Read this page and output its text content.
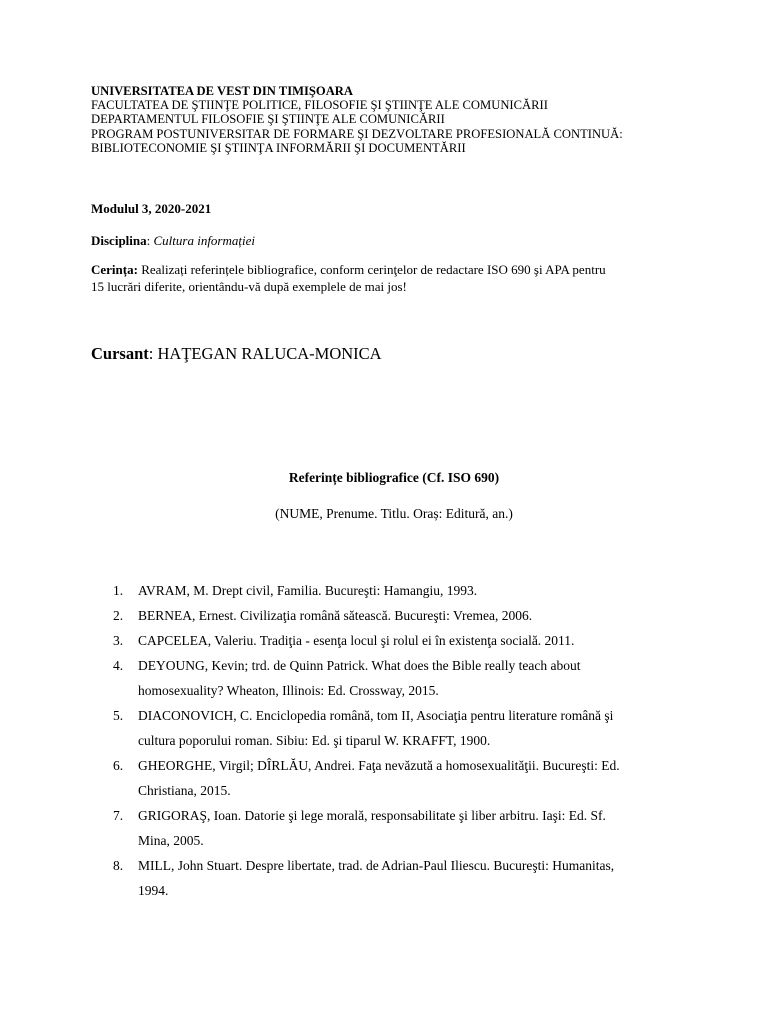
UNIVERSITATEA DE VEST DIN TIMIŞOARA
FACULTATEA DE ŞTIINŢE POLITICE, FILOSOFIE ŞI ŞTIINŢE ALE COMUNICĂRII
DEPARTAMENTUL FILOSOFIE ŞI ŞTIINŢE ALE COMUNICĂRII
PROGRAM POSTUNIVERSITAR DE FORMARE ŞI DEZVOLTARE PROFESIONALĂ CONTINUĂ:
BIBLIOTECONOMIE ŞI ŞTIINŢA INFORMĂRII ŞI DOCUMENTĂRII
Modulul 3, 2020-2021
Disciplina: Cultura informației
Cerința: Realizați referințele bibliografice, conform cerinţelor de redactare ISO 690 şi APA pentru
15 lucrări diferite, orientându-vă după exemplele de mai jos!
Cursant: HAŢEGAN RALUCA-MONICA
Referințe bibliografice (Cf. ISO 690)
(NUME, Prenume. Titlu. Oraș: Editură, an.)
1. AVRAM, M. Drept civil, Familia. Bucureşti: Hamangiu, 1993.
2. BERNEA, Ernest. Civilizaţia română sătească. Bucureşti: Vremea, 2006.
3. CAPCELEA, Valeriu. Tradiţia - esenţa locul şi rolul ei în existenţa socială. 2011.
4. DEYOUNG, Kevin; trd. de Quinn Patrick. What does the Bible really teach about
homosexuality? Wheaton, Illinois: Ed. Crossway, 2015.
5. DIACONOVICH, C. Enciclopedia română, tom II, Asociaţia pentru literature română şi
cultura poporului roman. Sibiu: Ed. şi tiparul W. KRAFFT, 1900.
6. GHEORGHE, Virgil; DÎRLĂU, Andrei. Faţa nevăzută a homosexualităţii. Bucureşti: Ed.
Christiana, 2015.
7. GRIGORAŞ, Ioan. Datorie şi lege morală, responsabilitate şi liber arbitru. Iaşi: Ed. Sf.
Mina, 2005.
8. MILL, John Stuart. Despre libertate, trad. de Adrian-Paul Iliescu. Bucureşti: Humanitas,
1994.
